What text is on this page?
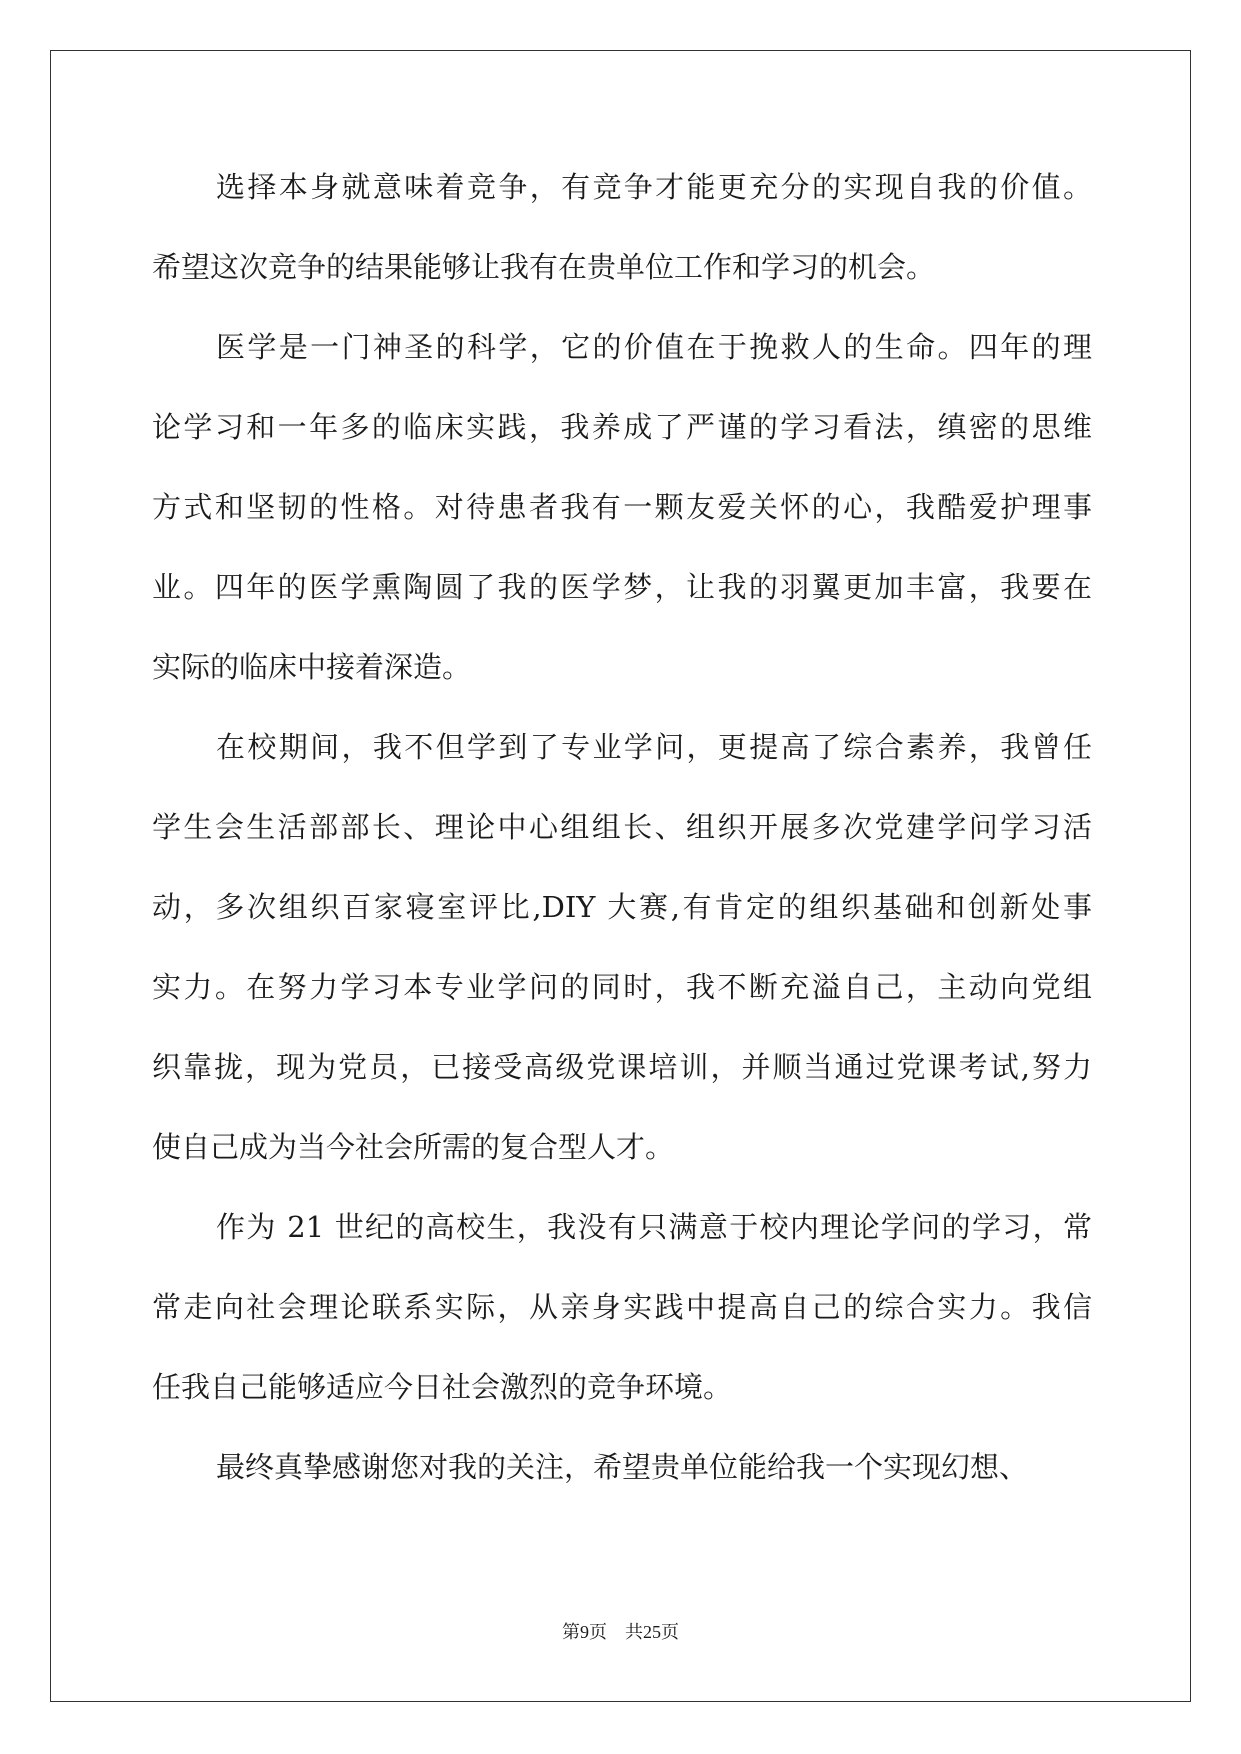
选择本身就意味着竞争，有竞争才能更充分的实现自我的价值。
希望这次竞争的结果能够让我有在贵单位工作和学习的机会。
医学是一门神圣的科学，它的价值在于挽救人的生命。四年的理
论学习和一年多的临床实践，我养成了严谨的学习看法，缜密的思维
方式和坚韧的性格。对待患者我有一颗友爱关怀的心，我酷爱护理事
业。四年的医学熏陶圆了我的医学梦，让我的羽翼更加丰富，我要在
实际的临床中接着深造。
在校期间，我不但学到了专业学问，更提高了综合素养，我曾任
学生会生活部部长、理论中心组组长、组织开展多次党建学问学习活
动，多次组织百家寝室评比,DIY 大赛,有肯定的组织基础和创新处事
实力。在努力学习本专业学问的同时，我不断充溢自己，主动向党组
织靠拢，现为党员，已接受高级党课培训，并顺当通过党课考试,努力
使自己成为当今社会所需的复合型人才。
作为 21 世纪的高校生，我没有只满意于校内理论学问的学习，常
常走向社会理论联系实际，从亲身实践中提高自己的综合实力。我信
任我自己能够适应今日社会激烈的竞争环境。
最终真挚感谢您对我的关注，希望贵单位能给我一个实现幻想、
第9页 共25页
